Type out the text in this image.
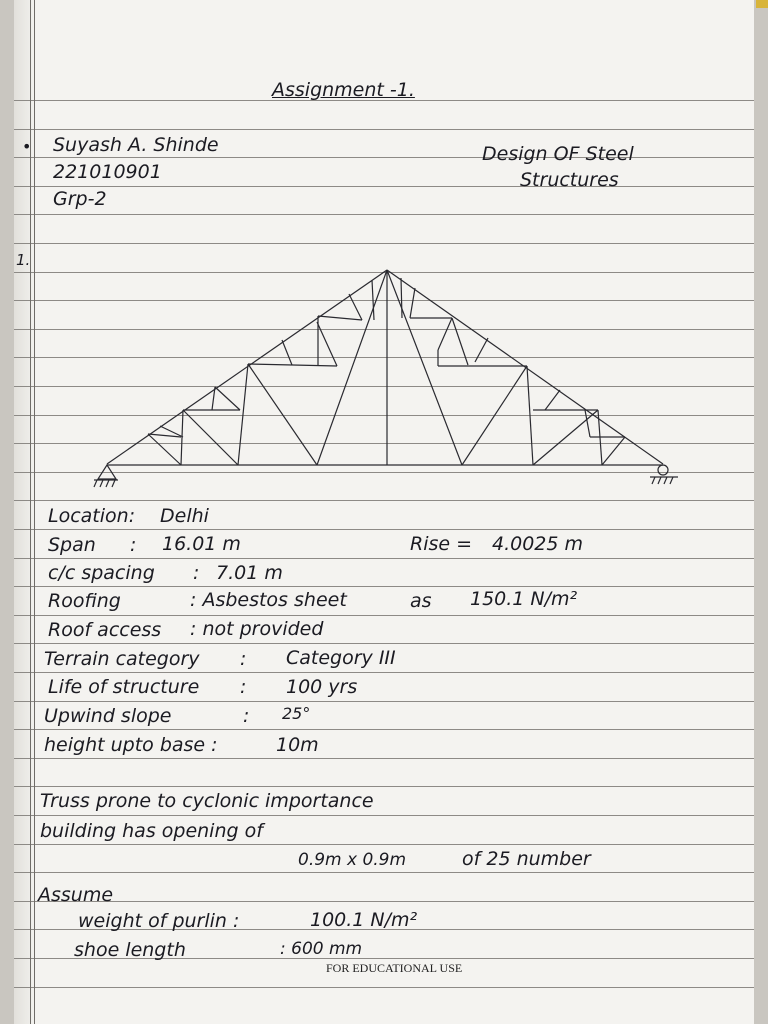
Assignment -1.
• Suyash A. Shinde
221010901
Grp-2
Design OF Steel
Structures
1.
Location: Delhi
Span : 16.01 m	Rise = 4.0025 m
c/c spacing : 7.01 m
Roofing	: Asbestos sheet	as 150.1 N/m²
Roof access : not provided
Terrain category : Category III
Life of structure : 100 yrs
Upwind slope	: 25°
height upto base :	10m
Truss prone to cyclonic importance
building has opening of
0.9m x 0.9m	of 25 number
Assume
weight of purlin :	100.1 N/m²
shoe length	: 600 mm
FOR EDUCATIONAL USE
